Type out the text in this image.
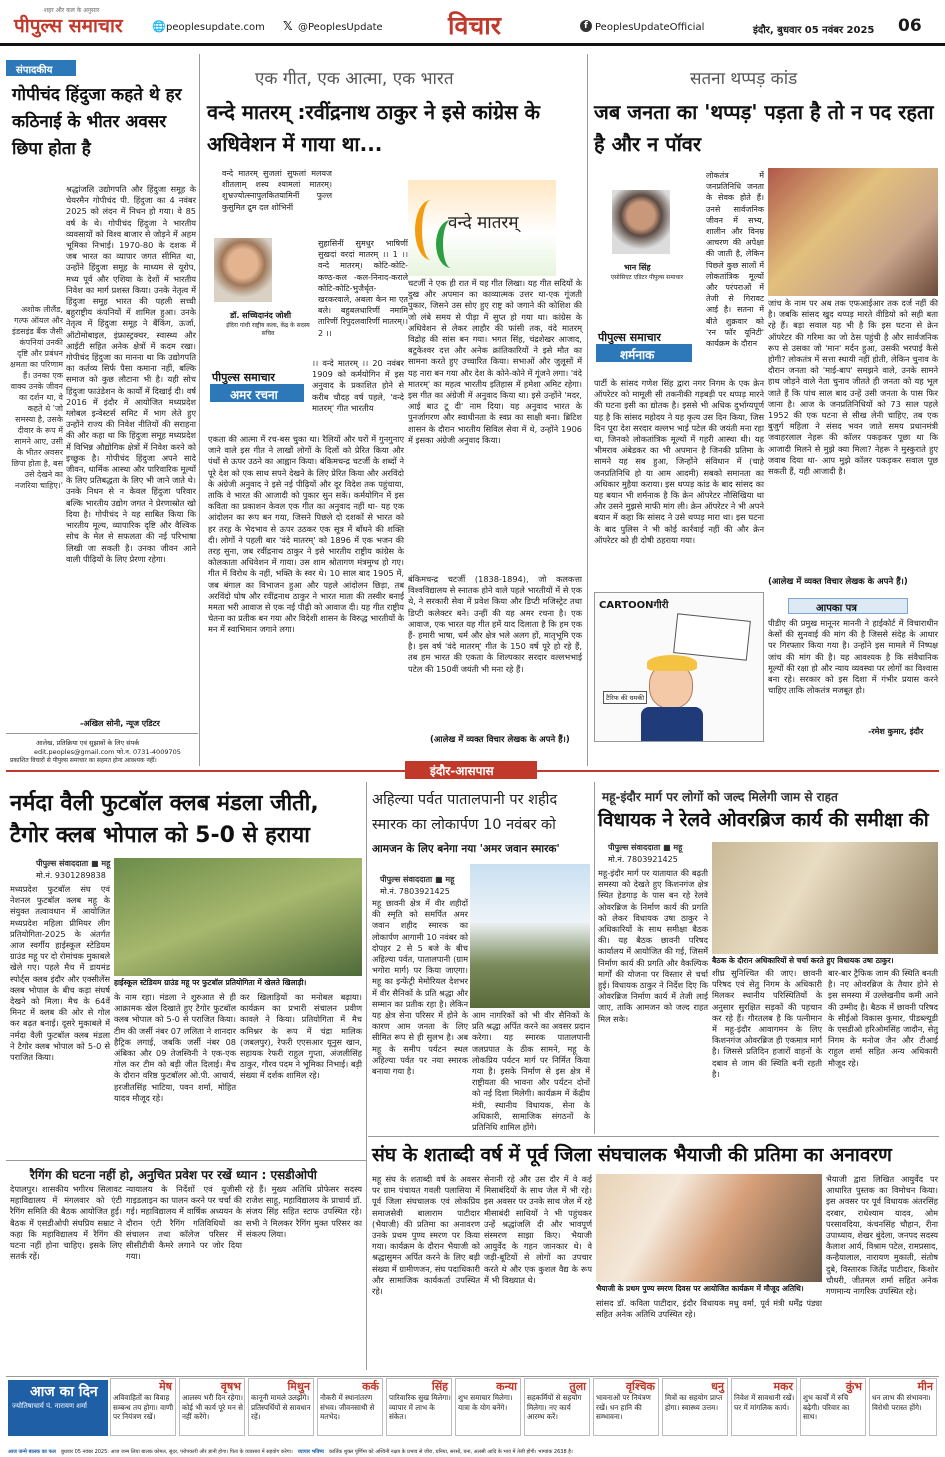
पीपुल्स समाचार
शहर और कल के अनुसार
🌐 peoplesupdate.com 𝕏 @PeoplesUpdate	विचार	f PeoplesUpdateOfficial	इंदौर, बुधवार 05 नवंबर 2025 06
संपादकीय
गोपीचंद हिंदुजा कहते थे हर कठिनाई के भीतर अवसर छिपा होता है
श्रद्धांजलि उद्योगपति और हिंदुजा समूह के चेयरमैन गोपीचंद पी. हिंदुजा का 4 नवंबर 2025 को लंदन में निधन हो गया। वे 85 वर्ष के थे। गोपीचंद हिंदुजा ने भारतीय व्यवसायों को विश्व बाजार से जोड़ने में अहम भूमिका निभाई। 1970-80 के दशक में जब भारत का व्यापार जगत सीमित था, उन्होंने हिंदुजा समूह के माध्यम से यूरोप, मध्य पूर्व और एशिया के देशों में भारतीय निवेश का मार्ग प्रशस्त किया। उनके नेतृत्व में हिंदुजा समूह भारत की पहली सच्ची बहुराष्ट्रीय कंपनियों में शामिल हुआ। उनके नेतृत्व में हिंदुजा समूह ने बैंकिंग, ऊर्जा, ऑटोमोबाइल, इंफ्रास्ट्रक्चर, स्वास्थ्य और आईटी सहित अनेक क्षेत्रों में कदम रखा। गोपीचंद हिंदुजा का मानना था कि उद्योगपति का कर्तव्य सिर्फ पैसा कमाना नहीं, बल्कि समाज को कुछ लौटाना भी है। यही सोच हिंदुजा फाउंडेशन के कार्यों में दिखाई दी। वर्ष 2016 में इंदौर में आयोजित मध्यप्रदेश ग्लोबल इन्वेस्टर्स समिट में भाग लेते हुए उन्होंने राज्य की निवेश नीतियों की सराहना की और कहा था कि हिंदुजा समूह मध्यप्रदेश में विभिन्न औद्योगिक क्षेत्रों में निवेश करने को इच्छुक है। गोपीचंद हिंदुजा अपने सादे जीवन, धार्मिक आस्था और पारिवारिक मूल्यों के लिए प्रतिबद्धता के लिए भी जाने जाते थे। उनके निधन से न केवल हिंदुजा परिवार बल्कि भारतीय उद्योग जगत ने प्रेरणास्रोत खो दिया है। गोपीचंद ने यह साबित किया कि भारतीय मूल्य, व्यापारिक दृष्टि और वैश्विक सोच के मेल से सफलता की नई परिभाषा लिखी जा सकती है। उनका जीवन आने वाली पीढ़ियों के लिए प्रेरणा रहेगा।
अशोक लीलैंड, गल्फ ऑयल और इंडसइंड बैंक जैसी कंपनियां उनकी दृष्टि और प्रबंधन क्षमता का परिणाम हैं। उनका एक वाक्य उनके जीवन का दर्शन था, वे कहते थे 'जो समस्या है, उसके दीवार के रूप में सामने आए, उसी के भीतर अवसर छिपा होता है, बस उसे देखने का नजरिया चाहिए।'
-अखिल सोनी, न्यूज एडिटर
आलेख, प्रतिक्रिया एवं सुझावों के लिए संपर्क
edit.peoples@gmail.com फो.न. 0731-4009705
प्रकाशित विचारों से पीपुल्स समाचार का सहमत होना आवश्यक नहीं।
एक गीत, एक आत्मा, एक भारत
वन्दे मातरम् :रवींद्रनाथ ठाकुर ने इसे कांग्रेस के अधिवेशन में गाया था...
डॉ. सच्चिदानंद जोशी
इंदिरा गांधी राष्ट्रीय कला, केंद्र के सदस्य सचिव
वन्दे मातरम् सुजलां सुफलां मलयज शीतलाम् शस्य श्यामलां मातरम्। शुभ्रज्योत्स्नापुलकितयामिनीं फुल्ल कुसुमित द्रुम दल शोभिनीं
सुहासिनीं सुमधुर भाषिणीं सुखदां वरदां मातरम् ।। 1 ।। वन्दे मातरम्। कोटि-कोटि-कण्ठ-कल -कल-निनाद-कराले कोटि-कोटि-भुजैर्धृत-खरकरवाले, अबला केन मा एत बले। बहुबलधारिणीं नमामि तारिणीं रिपुदलवारिणीं मातरम्।। 2 ।।
वन्दे मातरम्
पीपुल्स समाचार
अमर रचना
।। वन्दे मातरम् ।। 20 नवंबर 1909 को कर्मयोगिन में इस अनुवाद के प्रकाशित होने से करीब चौदह वर्ष पहले, 'वन्दे मातरम्' गीत भारतीय
एकता की आत्मा में रच-बस चुका था। रैलियों और घरों में गुनगुनाए जाने वाले इस गीत ने लाखों लोगों के दिलों को प्रेरित किया और पंथों से ऊपर उठने का आह्वान किया। बंकिमचन्द्र चटर्जी के शब्दों ने पूरे देश को एक साथ सपने देखने के लिए प्रेरित किया और अरविंदो के अंग्रेजी अनुवाद ने इसे नई पीढ़ियों और दूर विदेश तक पहुंचाया, ताकि वे भारत की आजादी को पुकार सुन सकें। कर्मयोगिन में इस कविता का प्रकाशन केवल एक गीत का अनुवाद नहीं था- यह एक आंदोलन का रूप बन गया, जिसने पिछले दो दशकों से भारत को हर तरह के भेदभाव से ऊपर उठकर एक सूत्र में बाँधने की शक्ति दी। लोगों ने पहली बार 'वंदे मातरम्' को 1896 में एक भजन की तरह सुना, जब रवींद्रनाथ ठाकुर ने इसे भारतीय राष्ट्रीय कांग्रेस के कोलकाता अधिवेशन में गाया। उस शाम श्रोतागण मंत्रमुग्ध हो गए। गीत में विरोध के नहीं, भक्ति के स्वर थे। 10 साल बाद 1905 में, जब बंगाल का विभाजन हुआ और पहले आंदोलन छिड़ा, तब अरविंदो घोष और रवींद्रनाथ ठाकुर ने भारत माता की तस्वीर बनाई ममता भरी आवाज से एक नई पीढ़ी को आवाज दी। यह गीत राष्ट्रीय चेतना का प्रतीक बन गया और विदेशी शासन के विरुद्ध भारतीयों के मन में स्वाभिमान जगाने लगा।
चटर्जी ने एक ही रात में यह गीत लिखा। यह गीत सदियों के दुख और अपमान का काव्यात्मक उत्तर था-एक गूंजती पुकार, जिसने उस सोए हुए राष्ट्र को जगाने की कोशिश की जो लंबे समय से पीड़ा में सुप्त हो गया था। कांग्रेस के अधिवेशन से लेकर लाहौर की फांसी तक, वंदे मातरम् विद्रोह की सांस बन गया। भगत सिंह, चंद्रशेखर आजाद, बटुकेश्वर दत्त और अनेक क्रांतिकारियों ने इसे मौत का सामना करते हुए उच्चारित किया। सभाओं और जुलूसों में यह नारा बन गया और देश के कोने-कोने में गूंजने लगा। 'वंदे मातरम्' का महत्व भारतीय इतिहास में हमेशा अमिट रहेगा। इस गीत का अंग्रेजी में अनुवाद किया था। इसे उन्होंने 'मदर, आई बाउ टू दी' नाम दिया। यह अनुवाद भारत के पुनर्जागरण और स्वाधीनता के स्वप्न का साक्षी बना। ब्रिटिश शासन के दौरान भारतीय सिविल सेवा में थे, उन्होंने 1906 में इसका अंग्रेजी अनुवाद किया।
बंकिमचन्द्र चटर्जी (1838-1894), जो कलकत्ता विश्वविद्यालय से स्नातक होने वाले पहले भारतीयों में से एक थे, ने सरकारी सेवा में प्रवेश किया और डिप्टी मजिस्ट्रेट तथा डिप्टी कलेक्टर बने। उन्हीं की यह अमर रचना है। एक आवाज, एक भारत यह गीत हमें याद दिलाता है कि हम एक हैं- हमारी भाषा, धर्म और क्षेत्र भले अलग हों, मातृभूमि एक है। इस वर्ष 'वंदे मातरम्' गीत के 150 वर्ष पूरे हो रहे हैं, तब हम भारत की एकता के शिल्पकार सरदार वल्लभभाई पटेल की 150वीं जयंती भी मना रहे हैं।
(आलेख में व्यक्त विचार लेखक के अपने हैं।)
सतना थप्पड़ कांड
जब जनता का 'थप्पड़' पड़ता है तो न पद रहता है और न पॉवर
लोकतंत्र में जनप्रतिनिधि जनता के सेवक होते हैं। उनसे सार्वजनिक जीवन में सभ्य, शालीन और विनम्र आचरण की अपेक्षा की जाती है, लेकिन पिछले कुछ सालों में लोकतांत्रिक मूल्यों और परंपराओं में तेजी से गिरावट आई है। सतना में बीते शुक्रवार को 'रन फॉर यूनिटी' कार्यक्रम के दौरान
भान सिंह
एसोसिएट एडिटर पीपुल्स समाचार
पीपुल्स समाचार
शर्मनाक
पार्टी के सांसद गणेश सिंह द्वारा नगर निगम के एक क्रेन ऑपरेटर को मामूली सी तकनीकी गड़बड़ी पर थप्पड़ मारने की घटना इसी का द्योतक है। इससे भी अधिक दुर्भाग्यपूर्ण यह है कि सांसद महोदय ने यह कृत्य उस दिन किया, जिस दिन पूरा देश सरदार वल्लभ भाई पटेल की जयंती मना रहा था, जिनको लोकतांत्रिक मूल्यों में गहरी आस्था थी। यह भीमराव अंबेडकर का भी अपमान है जिनकी प्रतिमा के सामने यह सब हुआ, जिन्होंने संविधान में (चाहे जनप्रतिनिधि हो या आम आदमी) सबको समानता का अधिकार मुहैया कराया। इस थप्पड़ कांड के बाद सांसद का यह बयान भी शर्मनाक है कि क्रेन ऑपरेटर नौसिखिया था और उसने मुझसे माफी मांग ली। क्रेन ऑपरेटर ने भी अपने बयान में कहा कि सांसद ने उसे थप्पड़ मारा था। इस घटना के बाद पुलिस ने भी कोई कार्रवाई नहीं की और क्रेन ऑपरेटर को ही दोषी ठहराया गया।
जांच के नाम पर अब तक एफआईआर तक दर्ज नहीं की है। जबकि सांसद खुद थप्पड़ मारते वीडियो को सही बता रहे हैं। बड़ा सवाल यह भी है कि इस घटना से क्रेन ऑपरेटर की गरिमा का जो ठेस पहुंची है और सार्वजनिक रूप से उसका जो 'मान' मर्दन हुआ, उसकी भरपाई कैसे होगी? लोकतंत्र में सत्ता स्थायी नहीं होती, लेकिन चुनाव के दौरान जनता को 'माई-बाप' समझने वाले, उनके सामने हाथ जोड़ने वाले नेता चुनाव जीतते ही जनता को यह भूल जाते हैं कि पांच साल बाद उन्हें उसी जनता के पास फिर जाना है। आज के जनप्रतिनिधियों को 73 साल पहले 1952 की एक घटना से सीख लेनी चाहिए, तब एक बुजुर्ग महिला ने संसद भवन जाते समय प्रधानमंत्री जवाहरलाल नेहरू की कॉलर पकड़कर पूछा था कि आजादी मिलने से मुझे क्या मिला? नेहरू ने मुस्कुराते हुए जवाब दिया था- आप मुझे कॉलर पकड़कर सवाल पूछ सकती हैं, यही आजादी है।
(आलेख में व्यक्त विचार लेखक के अपने हैं।)
CARTOONगीरी
टैरिफ की धमकी
आपका पत्र
पीडीए की प्रमुख मानूनर माननी ने हाईकोर्ट में विचाराधीन केसों की सुनवाई की मांग की है जिससे संदेह के आधार पर गिरफ्तार किया गया है। उन्होंने इस मामले में निष्पक्ष जांच की मांग की है। यह आवश्यक है कि संवैधानिक मूल्यों की रक्षा हो और न्याय व्यवस्था पर लोगों का विश्वास बना रहे। सरकार को इस दिशा में गंभीर प्रयास करने चाहिए ताकि लोकतंत्र मजबूत हो।
-रमेश कुमार, इंदौर
इंदौर-आसपास
नर्मदा वैली फुटबॉल क्लब मंडला जीती, टैगोर क्लब भोपाल को 5-0 से हराया
पीपुल्स संवाददाता ■ महू
मो.नं. 9301289838
मध्यप्रदेश फुटबॉल संघ एवं नेशनल फुटबॉल क्लब महू के संयुक्त तत्वावधान में आयोजित मध्यप्रदेश महिला प्रीमियर लीग प्रतियोगिता-2025 के अंतर्गत आज स्वर्गीय हाईस्कूल स्टेडियम ग्राउंड महू पर दो रोमांचक मुकाबले खेले गए। पहले मैच में डायमंड स्पोर्ट्स क्लब इंदौर और एक्सीलेंस क्लब भोपाल के बीच कड़ा संघर्ष देखने को मिला। मैच के 64वें मिनट में क्लब की ओर से गोल कर बढ़त बनाई। दूसरे मुकाबले में नर्मदा वैली फुटबॉल क्लब मंडला ने टैगोर क्लब भोपाल को 5-0 से पराजित किया।
हाईस्कूल स्टेडियम ग्राउंड महू पर फुटबॉल प्रतियोगिता में खेलते खिलाड़ी।
के नाम रहा। मंडला ने शुरुआत से ही आक्रामक खेल दिखाते हुए टैगोर फुटबॉल क्लब भोपाल को 5-0 से पराजित किया। टीम की जर्सी नंबर 07 ललिता ने शानदार हैट्रिक लगाई, जबकि जर्सी नंबर 08 अंबिका और 09 तेजस्विनी ने एक-एक गोल कर टीम को बड़ी जीत दिलाई। मैच के दौरान वरिष्ठ फुटबॉलर ओ.पी. आचार्य, हरजीतसिंह भाटिया, पवन शर्मा, मोहित यादव मौजूद रहे।
कर खिलाड़ियों का मनोबल बढ़ाया। कार्यक्रम का प्रभारी संचालन प्रवीण कावले ने किया। प्रतियोगिता में मैच कमिश्नर के रूप में चंद्रा मालिक (जबलपुर), रेफरी एएसआर यूनुस खान, सहायक रेफरी राहुल गुप्ता, अंजलीसिंह ठाकुर, गौरव पदम ने भूमिका निभाई। बड़ी संख्या में दर्शक शामिल रहे।
अहिल्या पर्वत पातालपानी पर शहीद स्मारक का लोकार्पण 10 नवंबर को
आमजन के लिए बनेगा नया 'अमर जवान स्मारक'
पीपुल्स संवाददाता ■ महू
मो.नं. 7803921425
महू छावनी क्षेत्र में वीर शहीदों की स्मृति को समर्पित अमर जवान शहीद स्मारक का लोकार्पण आगामी 10 नवंबर को दोपहर 2 से 5 बजे के बीच अहिल्या पर्वत, पातालपानी (ग्राम भगोरा मार्ग) पर किया जाएगा। महू का इन्फेंट्री मेमोरियल देशभर में वीर सैनिकों के प्रति श्रद्धा और सम्मान का प्रतीक रहा है। लेकिन यह क्षेत्र सेना परिसर में होने के कारण आम जनता के लिए सीमित रूप से ही सुलभ है। अब महू के समीप पर्यटन स्थल अहिल्या पर्वत पर नया स्मारक बनाया गया है।
आम नागरिकों को भी वीर सैनिकों के प्रति श्रद्धा अर्पित करने का अवसर प्रदान करेगा। यह स्मारक पातालपानी जलप्रपात के ठीक सामने, महू के लोकप्रिय पर्यटन मार्ग पर निर्मित किया गया है। इसके निर्माण से इस क्षेत्र में राष्ट्रीयता की भावना और पर्यटन दोनों को नई दिशा मिलेगी। कार्यक्रम में केंद्रीय मंत्री, स्थानीय विधायक, सेना के अधिकारी, सामाजिक संगठनों के प्रतिनिधि शामिल होंगे।
महू-इंदौर मार्ग पर लोगों को जल्द मिलेगी जाम से राहत
विधायक ने रेलवे ओवरब्रिज कार्य की समीक्षा की
पीपुल्स संवाददाता ■ महू
मो.नं. 7803921425
बैठक के दौरान अधिकारियों से चर्चा करते हुए विधायक उषा ठाकुर।
महू-इंदौर मार्ग पर यातायात की बढ़ती समस्या को देखते हुए किशनगंज क्षेत्र स्थित हेडगाड़ के पास बन रहे रेलवे ओवरब्रिज के निर्माण कार्य की प्रगति को लेकर विधायक उषा ठाकुर ने अधिकारियों के साथ समीक्षा बैठक की। यह बैठक छावनी परिषद कार्यालय में आयोजित की गई, जिसमें निर्माण कार्य की प्रगति और वैकल्पिक मार्गों की योजना पर विस्तार से चर्चा हुई। विधायक ठाकुर ने निर्देश दिए कि ओवरब्रिज निर्माण कार्य में तेजी लाई जाए, ताकि आमजन को जल्द राहत मिल सके।
शीघ्र सुनिश्चित की जाए। छावनी परिषद एवं सेतु निगम के अधिकारी मिलकर स्थानीय परिस्थितियों के अनुसार सुरक्षित सड़कों की पहचान कर रहे हैं। गौरतलब है कि पत्नीमान में महू-इंदौर आवागमन के लिए किशनगंज ओवरब्रिज ही एकमात्र मार्ग है। जिससे प्रतिदिन हजारों वाहनों के दबाव से जाम की स्थिति बनी रहती है।
बार-बार ट्रैफिक जाम की स्थिति बनती है। नए ओवरब्रिज के तैयार होने से इस समस्या में उल्लेखनीय कमी आने की उम्मीद है। बैठक में छावनी परिषद के सीईओ विकास कुमार, पीडब्ल्यूडी के एसडीओ हरिओमसिंह जादौन, सेतु निगम के मनोज जैन और टीआई राहुल शर्मा सहित अन्य अधिकारी मौजूद रहे।
संघ के शताब्दी वर्ष में पूर्व जिला संघचालक भैयाजी की प्रतिमा का अनावरण
महू संघ के शताब्दी वर्ष के अवसर पर ग्राम पंचायत गवली पलासिया में पूर्व जिला संघचालक एवं लोकप्रिय समाजसेवी बालाराम पाटीदार (भैयाजी) की प्रतिमा का अनावरण उनके प्रथम पुण्य स्मरण पर किया गया। कार्यक्रम के दौरान भैयाजी को श्रद्धासुमन अर्पित करने के लिए बड़ी संख्या में ग्रामीणजन, संघ पदाधिकारी और सामाजिक कार्यकर्ता उपस्थित रहे।
सेनानी रहे और उस दौर में वे कई मिसाबंदियों के साथ जेल में भी रहे। इस अवसर पर उनके साथ जेल में रहे मीसाबंदी साथियों ने भी पहुंचकर उन्हें श्रद्धांजलि दी और भावपूर्ण संस्मरण साझा किए। भैयाजी आयुर्वेद के गहन जानकार थे। वे जड़ी-बूटियों से लोगों का उपचार करते थे और एक कुशल वैद्य के रूप में भी विख्यात थे।
भैयाजी के प्रथम पुण्य स्मरण दिवस पर आयोजित कार्यक्रम में मौजूद अतिथि।
सांसद डॉ. कविता पाटीदार, इंदौर विधायक मधु वर्मा, पूर्व मंत्री धर्मेंद्र पंड्या सहित अनेक अतिथि उपस्थित रहे।
भैयाजी द्वारा लिखित आयुर्वेद पर आधारित पुस्तक का विमोचन किया। इस अवसर पर पूर्व विधायक अंतरसिंह दरबार, राधेश्याम यादव, ओम परसावदिया, कंचनसिंह चौहान, रीना उपाध्याय, शेखर बुंदेला, जनपद सदस्य कैलाश आर्य, विश्राम पटेल, रामप्रसाद, कन्हैयालाल, नारायण मुकाती, संतोष दुबे, विस्तारक जितेंद्र पाटीदार, किशोर चौधरी, जीतमल शर्मा सहित अनेक गणमान्य नागरिक उपस्थित रहे।
रैगिंग की घटना नहीं हो, अनुचित प्रवेश पर रखें ध्यान : एसडीओपी
देपालपुर। शासकीय भगीरथ सिलावट महाविद्यालय में मंगलवार को एंटी रैगिंग समिति की बैठक आयोजित हुई। बैठक में एसडीओपी संघप्रिय सम्राट ने कहा कि महाविद्यालय में रैगिंग की घटना नहीं होना चाहिए। इसके लिए सतर्क रहें।
न्यायालय के निर्देशों एवं यूजीसी गाइडलाइन का पालन करने पर चर्चा की गई। महाविद्यालय में वार्षिक अध्ययन के दौरान एंटी रैगिंग गतिविधियों का संचालन तथा कॉलेज परिसर में सीसीटीवी कैमरे लगाने पर जोर दिया गया।
रहे हैं। मुख्य अतिथि प्रोफेसर सदस्य राजेश साहू, महाविद्यालय के प्राचार्य डॉ. संजय सिंह सहित स्टाफ उपस्थित रहे। सभी ने मिलकर रैगिंग मुक्त परिसर का संकल्प लिया।
आज का दिन
ज्योतिषाचार्य पं. नारायण शर्मा
मेष
अविवाहितों का विवाह सम्बन्ध तय होगा। वाणी पर नियंत्रण रखें।
वृषभ
आलस्य भरी दिन रहेगा। कोई भी कार्य पूरे मन से नहीं करेंगे।
मिथुन
कानूनी मामले उलझेंगे। प्रतिस्पर्धियों से सावधान रहें।
कर्क
नौकरी में स्थानांतरण संभव। जीवनसाथी से मतभेद।
सिंह
पारिवारिक सुख मिलेगा। व्यापार में लाभ के संकेत।
कन्या
शुभ समाचार मिलेगा। यात्रा के योग बनेंगे।
तुला
सहकर्मियों से सहयोग मिलेगा। नए कार्य आरम्भ करें।
वृश्चिक
भावनाओं पर नियंत्रण रखें। धन हानि की सम्भावना।
धनु
मित्रों का सहयोग प्राप्त होगा। स्वास्थ्य उत्तम।
मकर
निवेश में सावधानी रखें। घर में मांगलिक कार्य।
कुंभ
शुभ कार्यों में रुचि बढ़ेगी। परिवार का साथ।
मीन
धन लाभ की संभावना। विरोधी परास्त होंगे।
आज जन्मे बालक का फल बुधवार 05 नवंबर 2025: आज जन्म लिया बालक कोमल, सुंदर, परोपकारी और ज्ञानी होगा। पिता के व्यवसाय में सहयोग करेगा। व्यापार भविष्य कार्तिक शुक्ल पूर्णिमा को अश्विनी नक्षत्र के प्रभाव से जीरा, धनिया, सरसों, चना, अलसी आदि के भाव में तेजी होगी। भाग्यांक 2638 है।
